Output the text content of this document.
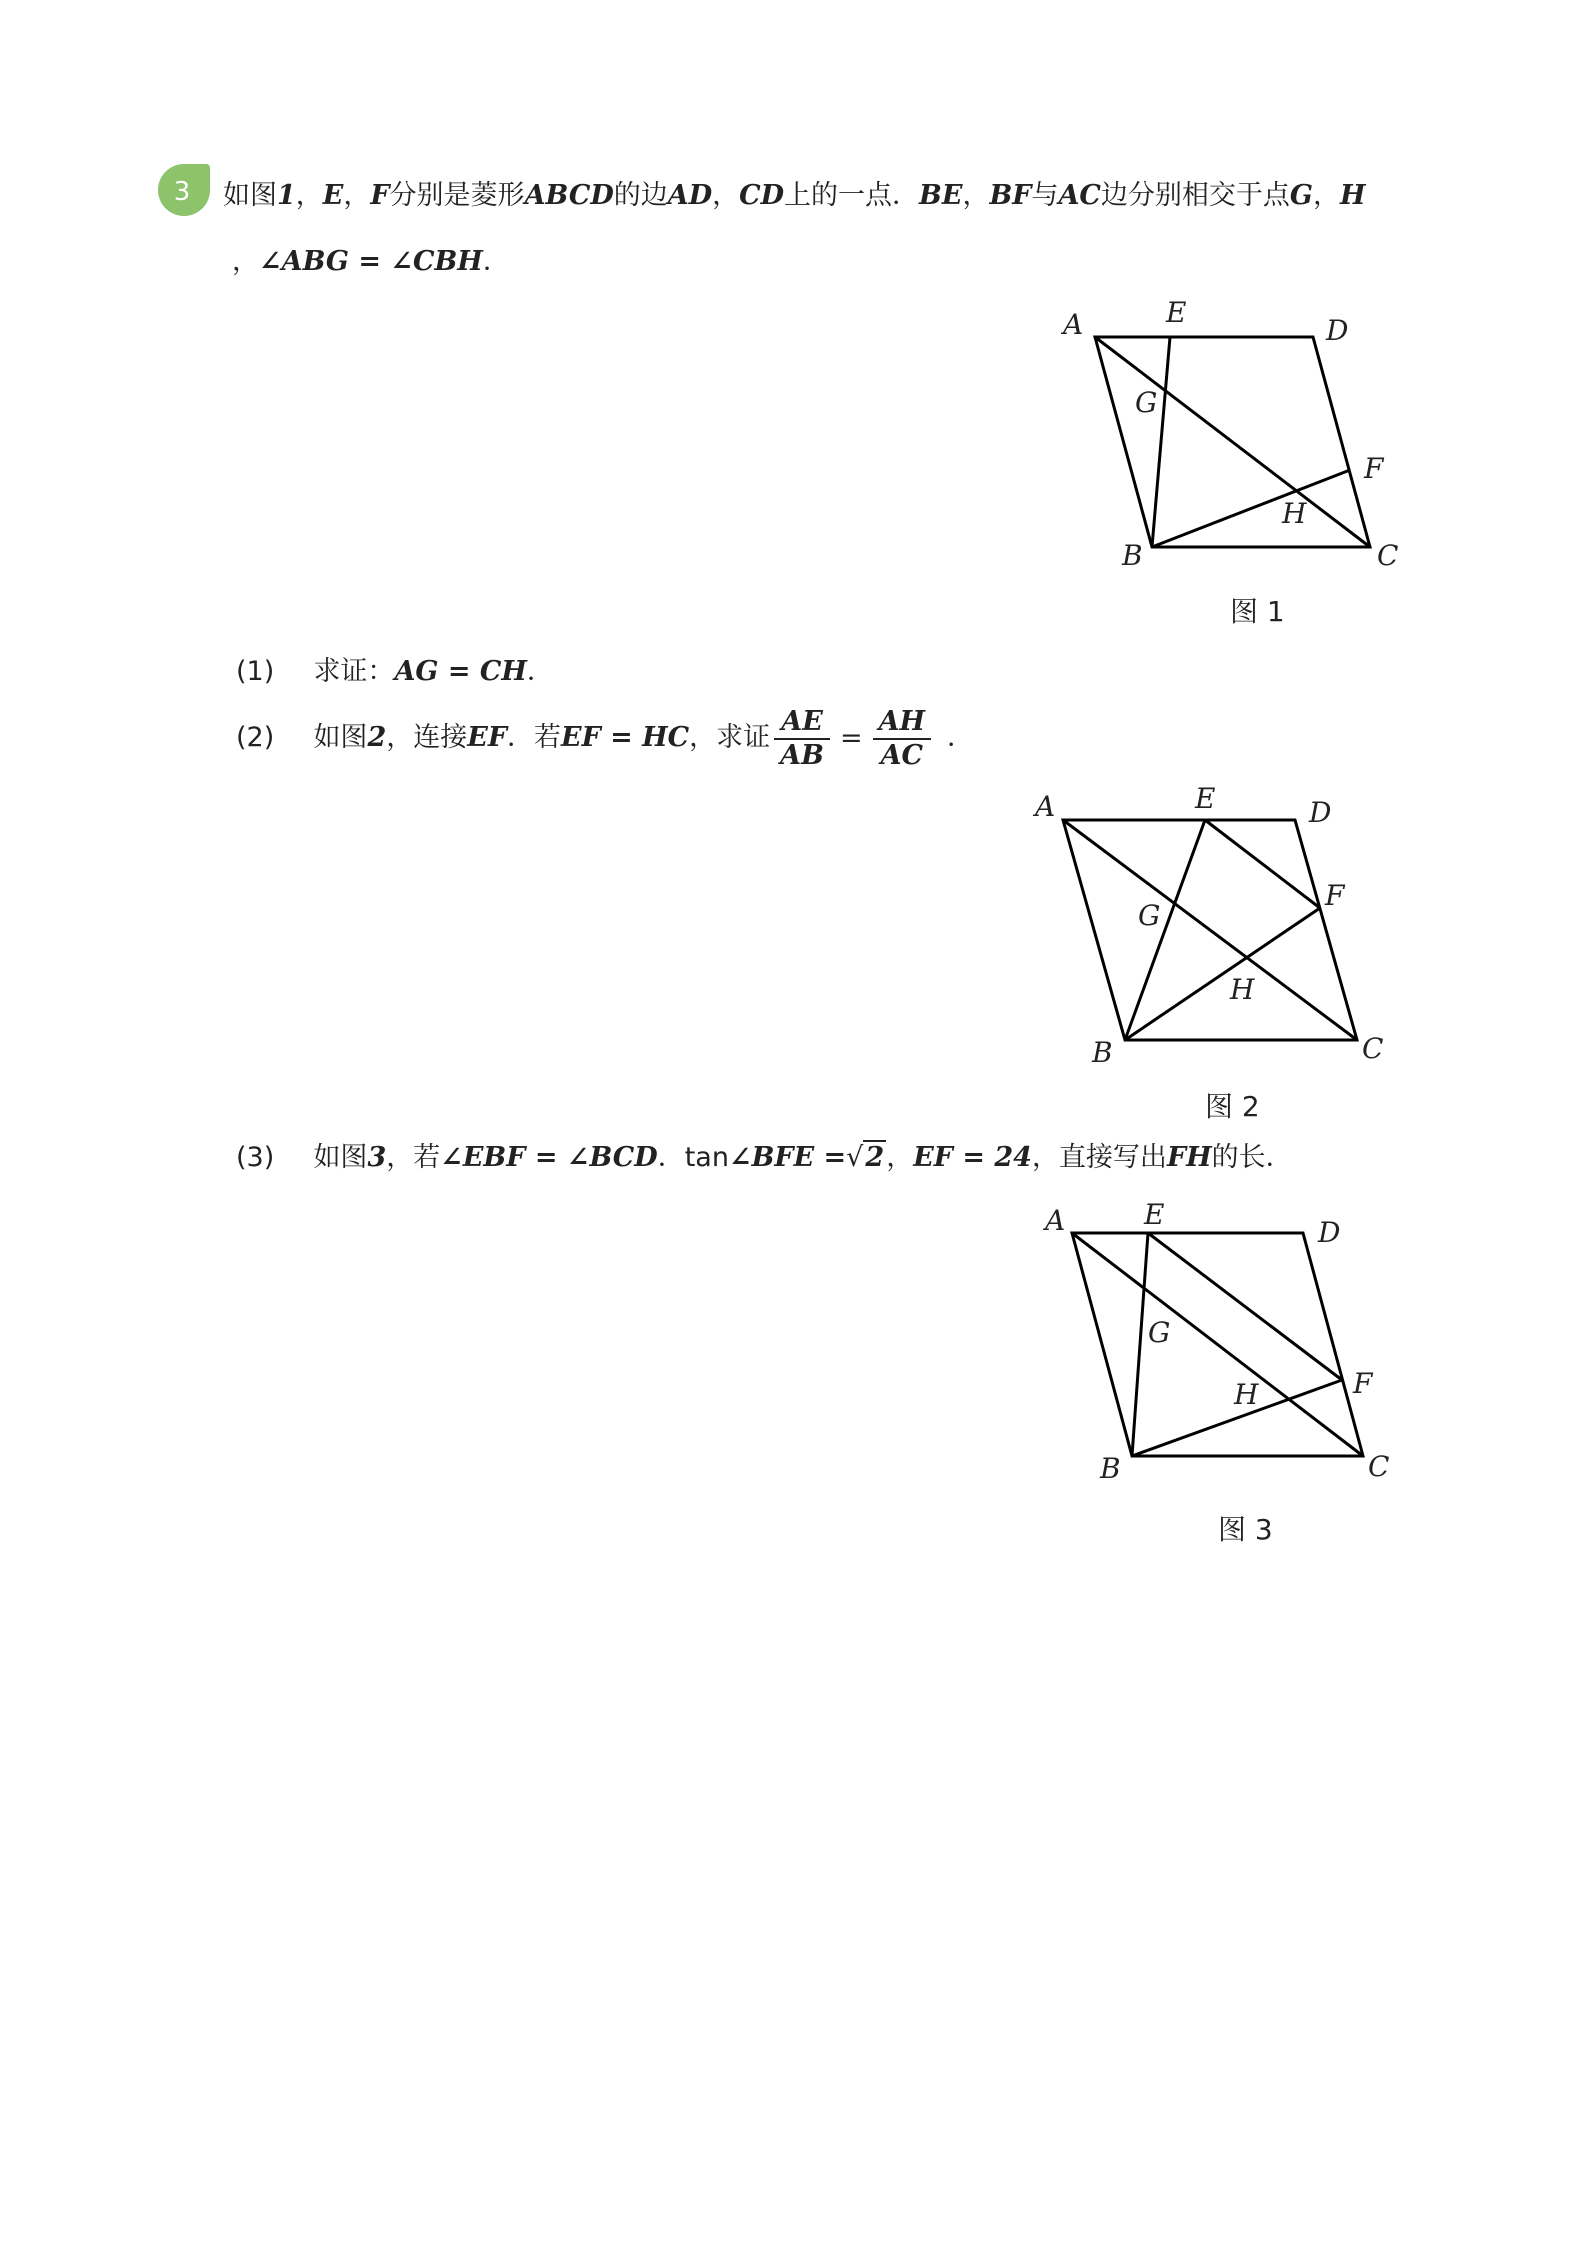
3 如图1，E，F分别是菱形ABCD的边AD，CD上的一点．BE，BF与AC边分别相交于点G，H
，∠ABG = ∠CBH．
A	E
D
G
F
H
B	C
图 1
(1) 求证：AG = CH．
(2) 如图2，连接EF．若EF = HC，求证 $\frac{AE}{AB} = \frac{AH}{AC}$ ．
A	E	D
F
G
H
B	C
图 2
(3) 如图3，若∠EBF = ∠BCD．tan∠BFE =√2，EF = 24，直接写出FH的长．
A	E
D
G
F
H
B	C
图 3
